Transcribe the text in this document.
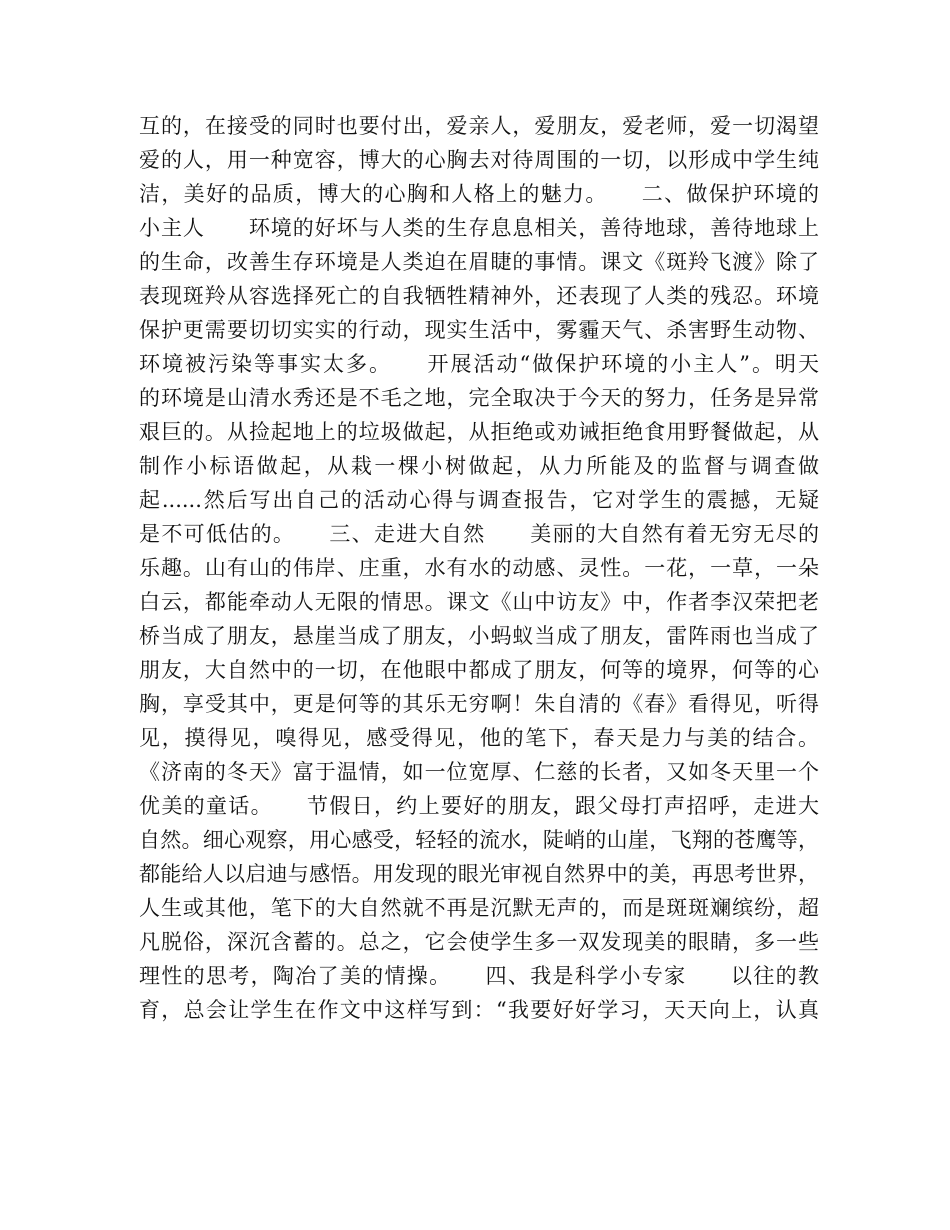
互的，在接受的同时也要付出，爱亲人，爱朋友，爱老师，爱一切渴望
爱的人，用一种宽容，博大的心胸去对待周围的一切，以形成中学生纯
洁，美好的品质，博大的心胸和人格上的魅力。　　二、做保护环境的
小主人　　环境的好坏与人类的生存息息相关，善待地球，善待地球上
的生命，改善生存环境是人类迫在眉睫的事情。课文《斑羚飞渡》除了
表现斑羚从容选择死亡的自我牺牲精神外，还表现了人类的残忍。环境
保护更需要切切实实的行动，现实生活中，雾霾天气、杀害野生动物、
环境被污染等事实太多。　　开展活动“做保护环境的小主人”。明天
的环境是山清水秀还是不毛之地，完全取决于今天的努力，任务是异常
艰巨的。从捡起地上的垃圾做起，从拒绝或劝诫拒绝食用野餐做起，从
制作小标语做起，从栽一棵小树做起，从力所能及的监督与调查做
起......然后写出自己的活动心得与调查报告，它对学生的震撼，无疑
是不可低估的。　　三、走进大自然　　美丽的大自然有着无穷无尽的
乐趣。山有山的伟岸、庄重，水有水的动感、灵性。一花，一草，一朵
白云，都能牵动人无限的情思。课文《山中访友》中，作者李汉荣把老
桥当成了朋友，悬崖当成了朋友，小蚂蚁当成了朋友，雷阵雨也当成了
朋友，大自然中的一切，在他眼中都成了朋友，何等的境界，何等的心
胸，享受其中，更是何等的其乐无穷啊！朱自清的《春》看得见，听得
见，摸得见，嗅得见，感受得见，他的笔下，春天是力与美的结合。
《济南的冬天》富于温情，如一位宽厚、仁慈的长者，又如冬天里一个
优美的童话。　　节假日，约上要好的朋友，跟父母打声招呼，走进大
自然。细心观察，用心感受，轻轻的流水，陡峭的山崖，飞翔的苍鹰等，
都能给人以启迪与感悟。用发现的眼光审视自然界中的美，再思考世界，
人生或其他，笔下的大自然就不再是沉默无声的，而是斑斑斓缤纷，超
凡脱俗，深沉含蓄的。总之，它会使学生多一双发现美的眼睛，多一些
理性的思考，陶冶了美的情操。　　四、我是科学小专家　　以往的教
育，总会让学生在作文中这样写到：“我要好好学习，天天向上，认真
